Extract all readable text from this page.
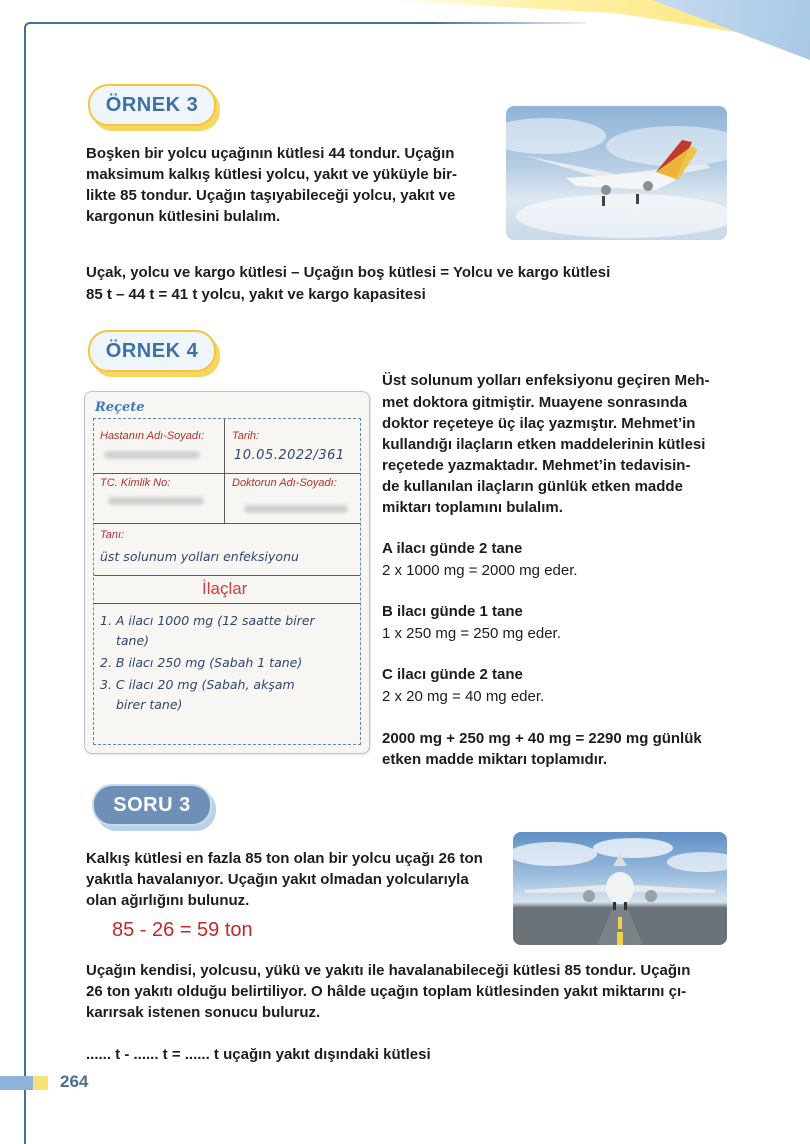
ÖRNEK 3
Boşken bir yolcu uçağının kütlesi 44 tondur. Uçağın
maksimum kalkış kütlesi yolcu, yakıt ve yüküyle bir-
likte 85 tondur. Uçağın taşıyabileceği yolcu, yakıt ve
kargonun kütlesini bulalım.
Uçak, yolcu ve kargo kütlesi – Uçağın boş kütlesi = Yolcu ve kargo kütlesi
85 t – 44 t = 41 t yolcu, yakıt ve kargo kapasitesi
ÖRNEK 4
Reçete
Hastanın Adı-Soyadı:	Tarih:
10.05.2022/361
TC. Kimlik No:	Doktorun Adı-Soyadı:
Tanı:
üst solunum yolları enfeksiyonu
İlaçlar
1. A ilacı 1000 mg (12 saatte birer
tane)
2. B ilacı 250 mg (Sabah 1 tane)
3. C ilacı 20 mg (Sabah, akşam
birer tane)
Üst solunum yolları enfeksiyonu geçiren Meh-
met doktora gitmiştir. Muayene sonrasında
doktor reçeteye üç ilaç yazmıştır. Mehmet’in
kullandığı ilaçların etken maddelerinin kütlesi
reçetede yazmaktadır. Mehmet’in tedavisin-
de kullanılan ilaçların günlük etken madde
miktarı toplamını bulalım.
A ilacı günde 2 tane
2 x 1000 mg = 2000 mg eder.
B ilacı günde 1 tane
1 x 250 mg = 250 mg eder.
C ilacı günde 2 tane
2 x 20 mg = 40 mg eder.
2000 mg + 250 mg + 40 mg = 2290 mg günlük
etken madde miktarı toplamıdır.
SORU 3
Kalkış kütlesi en fazla 85 ton olan bir yolcu uçağı 26 ton
yakıtla havalanıyor. Uçağın yakıt olmadan yolcularıyla
olan ağırlığını bulunuz.
85 - 26 = 59 ton
Uçağın kendisi, yolcusu, yükü ve yakıtı ile havalanabileceği kütlesi 85 tondur. Uçağın
26 ton yakıtı olduğu belirtiliyor. O hâlde uçağın toplam kütlesinden yakıt miktarını çı-
karırsak istenen sonucu buluruz.
...... t - ...... t = ...... t uçağın yakıt dışındaki kütlesi
264
